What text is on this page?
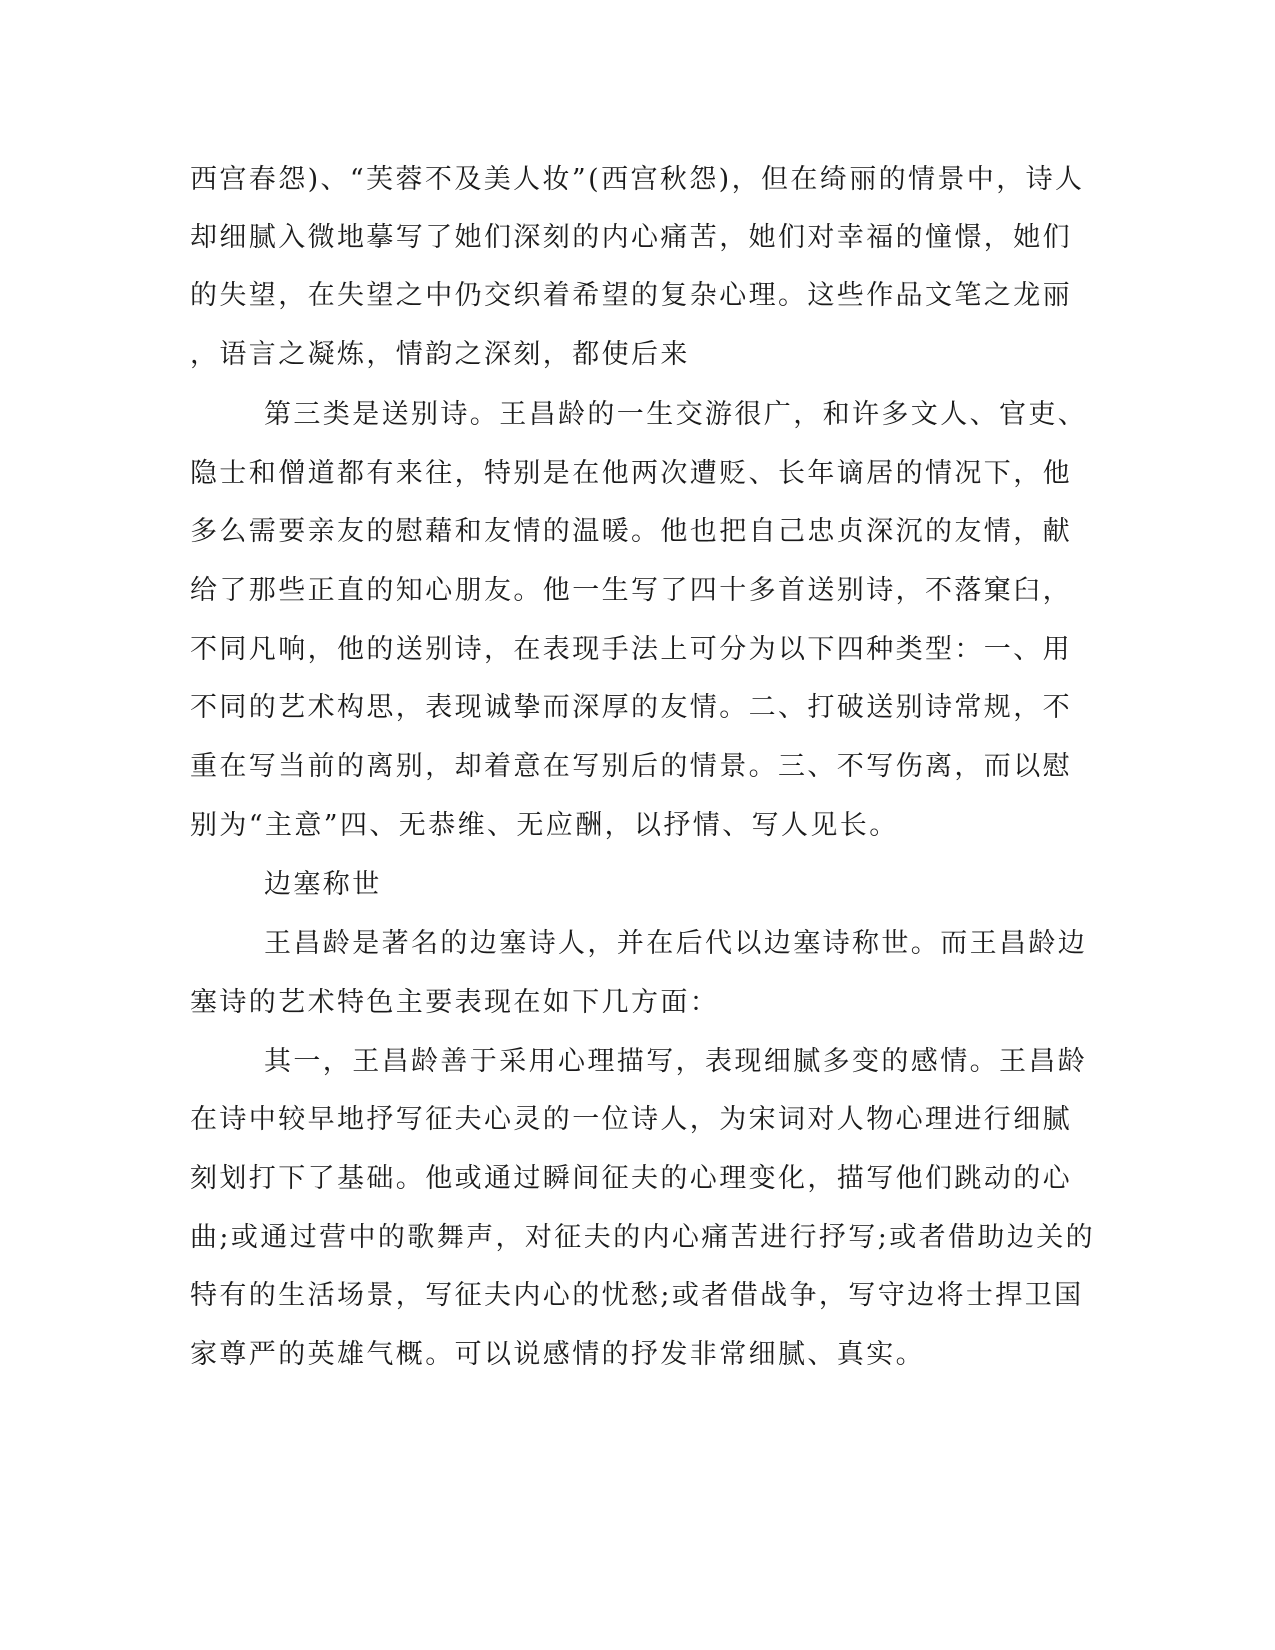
西宫春怨)、“芙蓉不及美人妆”(西宫秋怨)，但在绮丽的情景中，诗人
却细腻入微地摹写了她们深刻的内心痛苦，她们对幸福的憧憬，她们
的失望，在失望之中仍交织着希望的复杂心理。这些作品文笔之龙丽
，语言之凝炼，情韵之深刻，都使后来
第三类是送别诗。王昌龄的一生交游很广，和许多文人、官吏、
隐士和僧道都有来往，特别是在他两次遭贬、长年谪居的情况下，他
多么需要亲友的慰藉和友情的温暖。他也把自己忠贞深沉的友情，献
给了那些正直的知心朋友。他一生写了四十多首送别诗，不落窠臼，
不同凡响，他的送别诗，在表现手法上可分为以下四种类型：一、用
不同的艺术构思，表现诚挚而深厚的友情。二、打破送别诗常规，不
重在写当前的离别，却着意在写别后的情景。三、不写伤离，而以慰
别为“主意”四、无恭维、无应酬，以抒情、写人见长。
边塞称世
王昌龄是著名的边塞诗人，并在后代以边塞诗称世。而王昌龄边
塞诗的艺术特色主要表现在如下几方面：
其一，王昌龄善于采用心理描写，表现细腻多变的感情。王昌龄
在诗中较早地抒写征夫心灵的一位诗人，为宋词对人物心理进行细腻
刻划打下了基础。他或通过瞬间征夫的心理变化，描写他们跳动的心
曲;或通过营中的歌舞声，对征夫的内心痛苦进行抒写;或者借助边关的
特有的生活场景，写征夫内心的忧愁;或者借战争，写守边将士捍卫国
家尊严的英雄气概。可以说感情的抒发非常细腻、真实。
